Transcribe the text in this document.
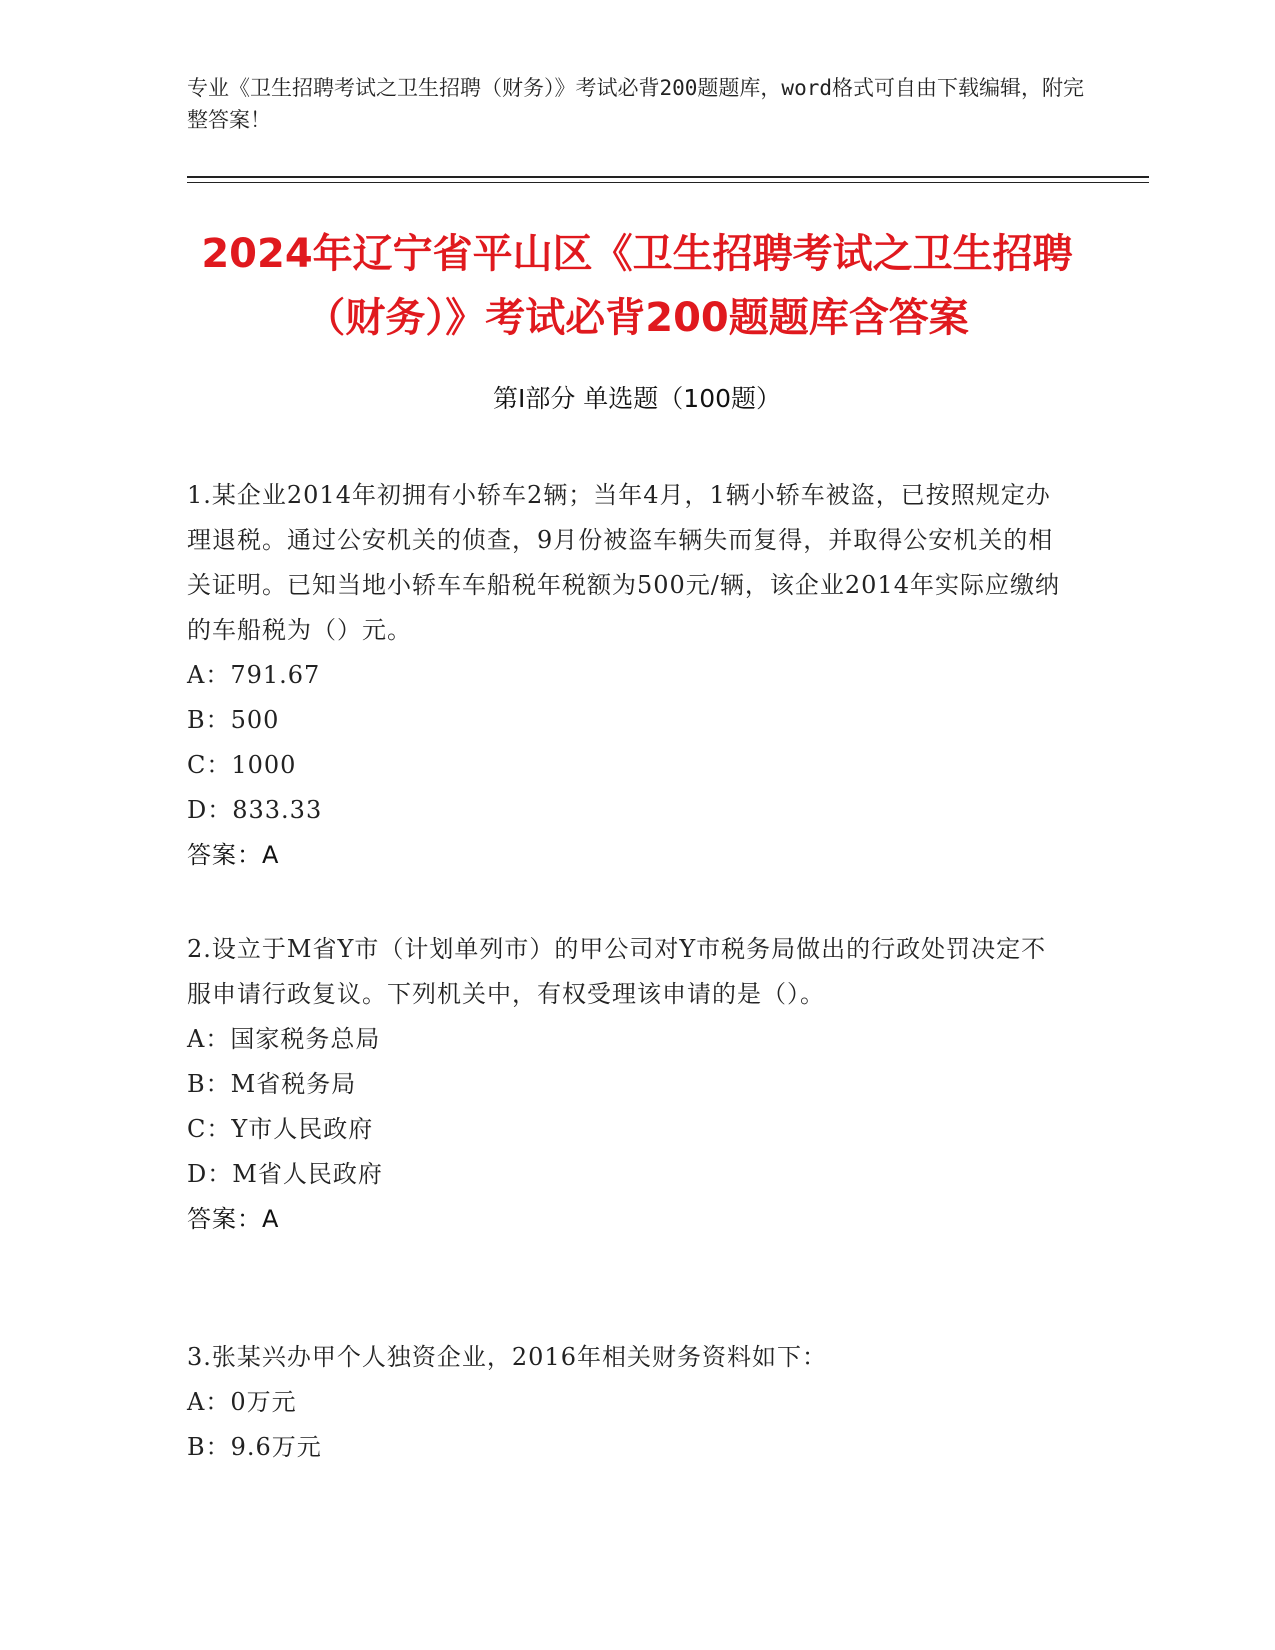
专业《卫生招聘考试之卫生招聘（财务）》考试必背200题题库，word格式可自由下载编辑，附完整答案！
2024年辽宁省平山区《卫生招聘考试之卫生招聘（财务）》考试必背200题题库含答案
第I部分 单选题（100题）

1.某企业2014年初拥有小轿车2辆；当年4月，1辆小轿车被盗，已按照规定办理退税。通过公安机关的侦查，9月份被盗车辆失而复得，并取得公安机关的相关证明。已知当地小轿车车船税年税额为500元/辆，该企业2014年实际应缴纳的车船税为（）元。

A：791.67

B：500

C：1000

D：833.33

答案：A

2.设立于M省Y市（计划单列市）的甲公司对Y市税务局做出的行政处罚决定不服申请行政复议。下列机关中，有权受理该申请的是（）。

A：国家税务总局

B：M省税务局

C：Y市人民政府

D：M省人民政府

答案：A

3.张某兴办甲个人独资企业，2016年相关财务资料如下：

A：0万元

B：9.6万元
